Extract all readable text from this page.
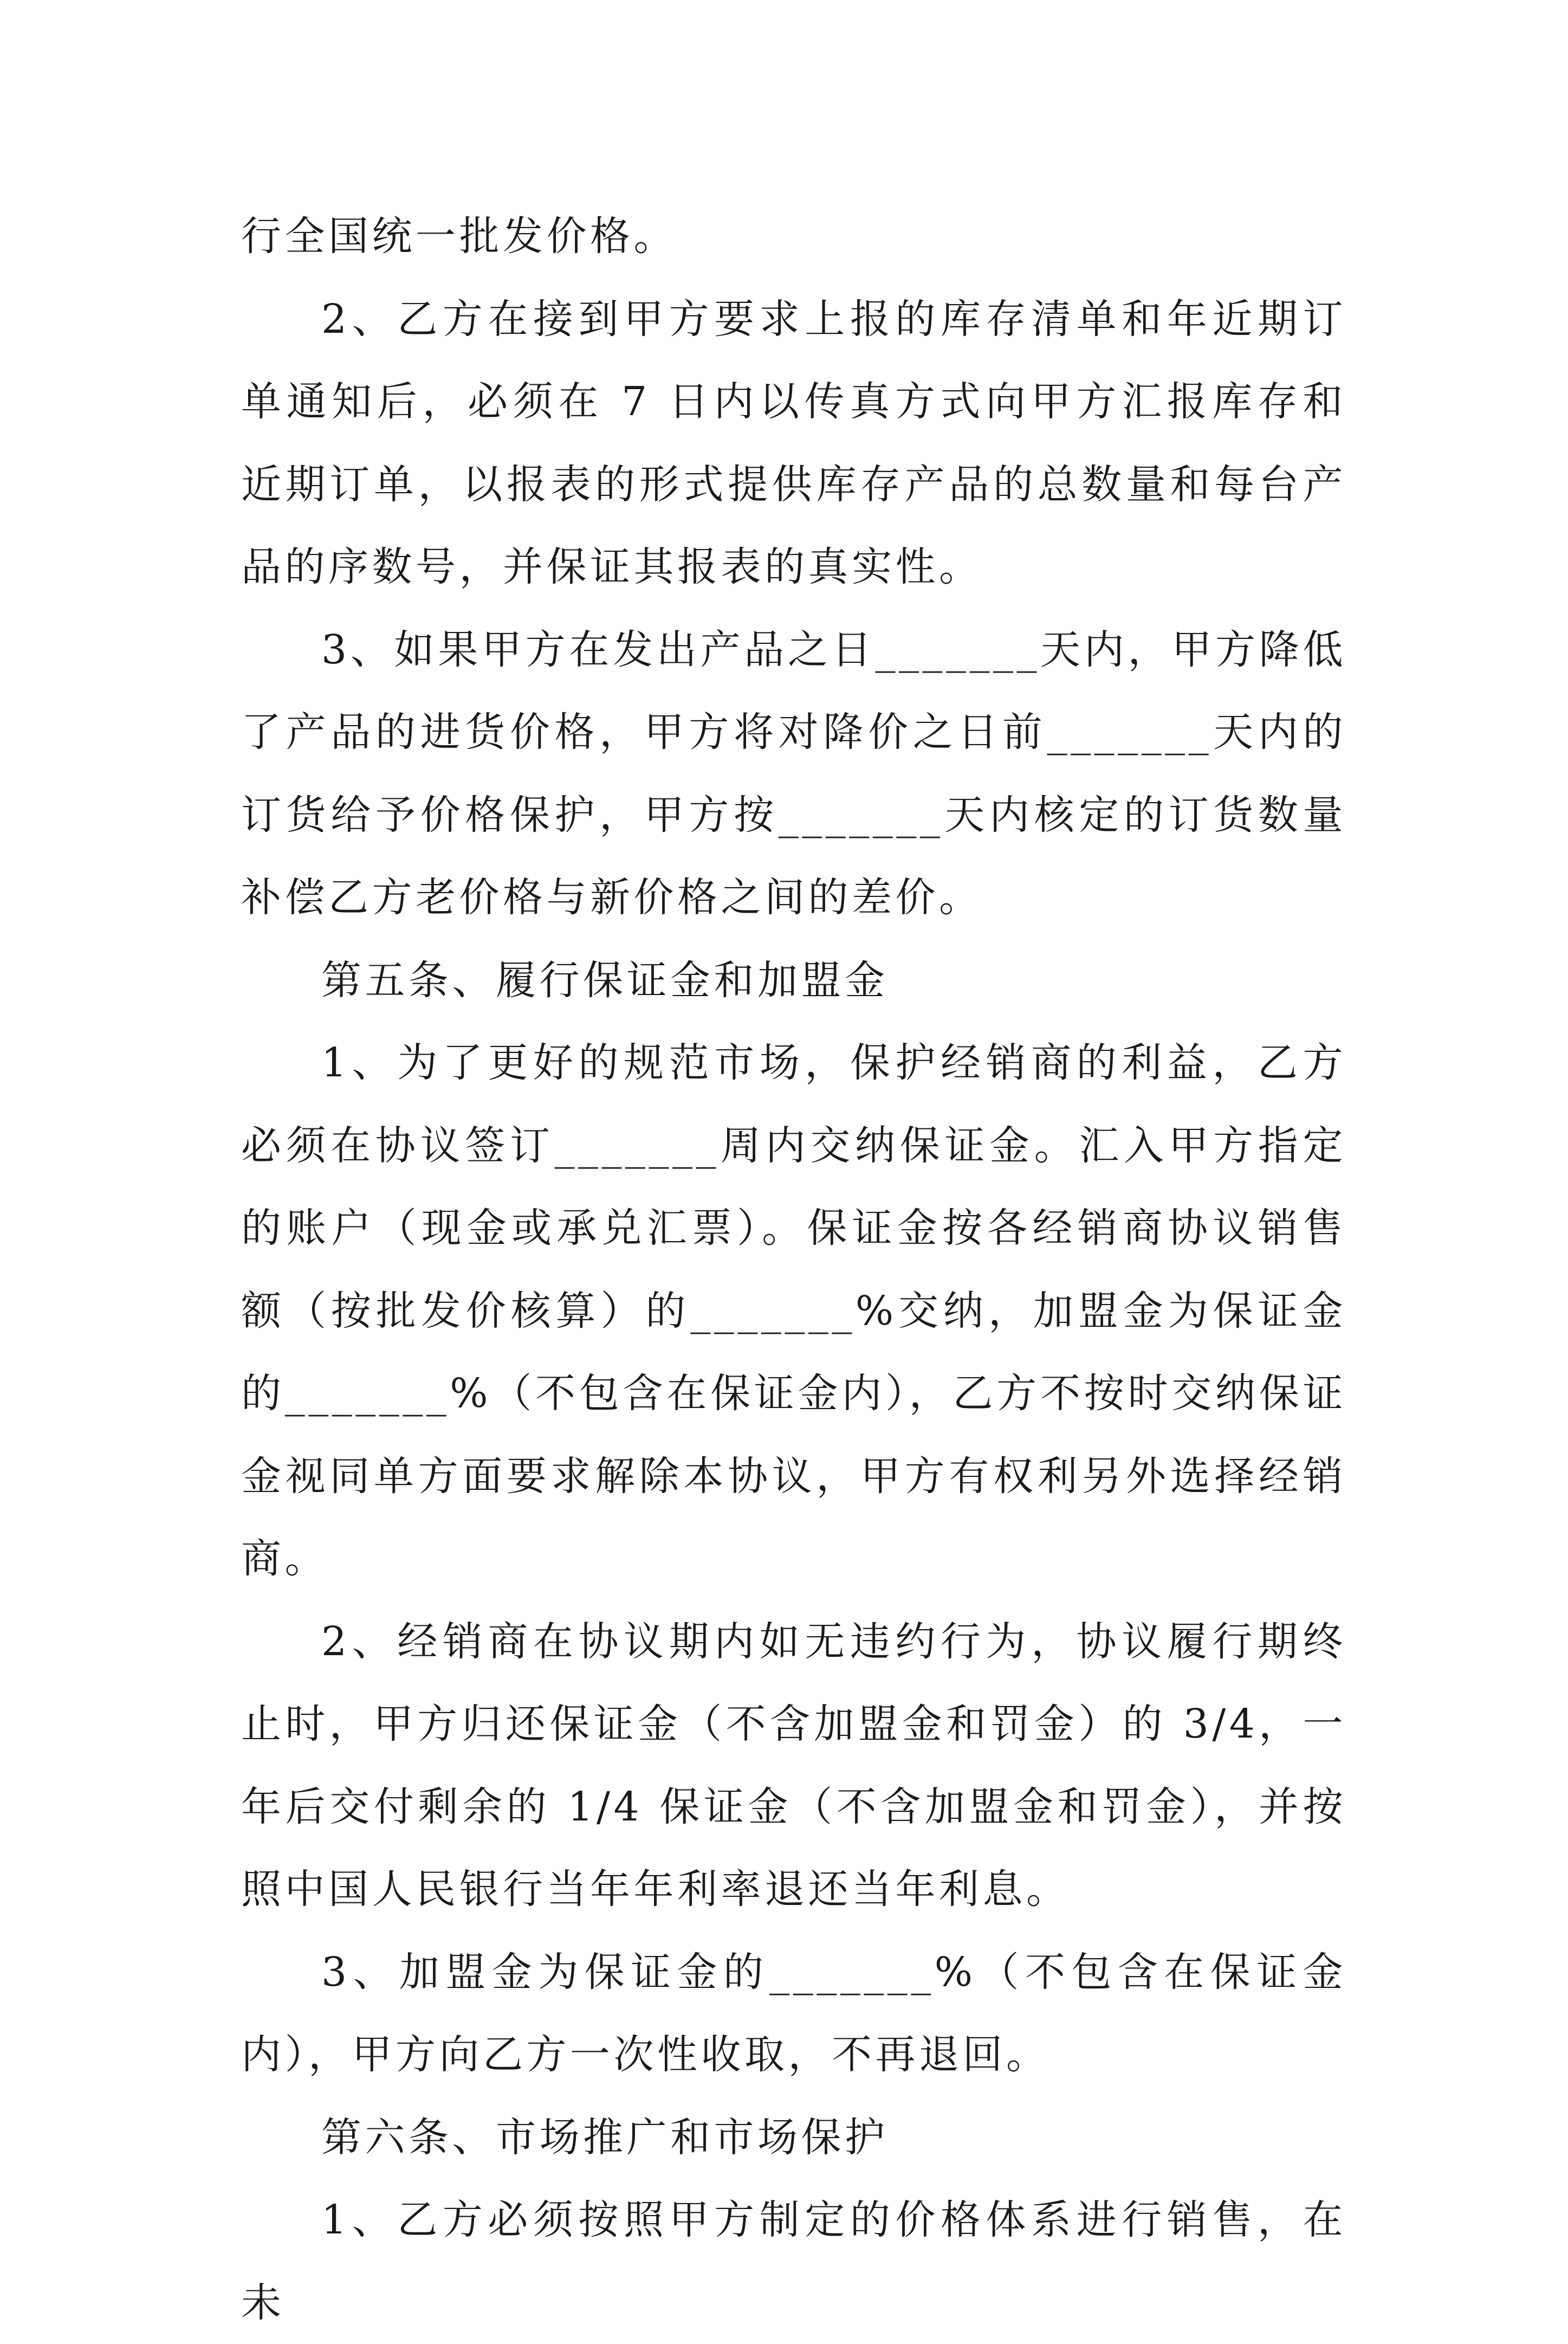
行全国统一批发价格。

2、乙方在接到甲方要求上报的库存清单和年近期订单通知后，必须在 7 日内以传真方式向甲方汇报库存和近期订单，以报表的形式提供库存产品的总数量和每台产品的序数号，并保证其报表的真实性。

3、如果甲方在发出产品之日_______天内，甲方降低了产品的进货价格，甲方将对降价之日前_______天内的订货给予价格保护，甲方按_______天内核定的订货数量补偿乙方老价格与新价格之间的差价。

第五条、履行保证金和加盟金

1、为了更好的规范市场，保护经销商的利益，乙方必须在协议签订_______周内交纳保证金。汇入甲方指定的账户（现金或承兑汇票）。保证金按各经销商协议销售额（按批发价核算）的_______%交纳，加盟金为保证金的_______%（不包含在保证金内），乙方不按时交纳保证金视同单方面要求解除本协议，甲方有权利另外选择经销商。

2、经销商在协议期内如无违约行为，协议履行期终止时，甲方归还保证金（不含加盟金和罚金）的 3/4，一年后交付剩余的 1/4 保证金（不含加盟金和罚金），并按照中国人民银行当年年利率退还当年利息。

3、加盟金为保证金的_______%（不包含在保证金内），甲方向乙方一次性收取，不再退回。

第六条、市场推广和市场保护

1、乙方必须按照甲方制定的价格体系进行销售，在未
